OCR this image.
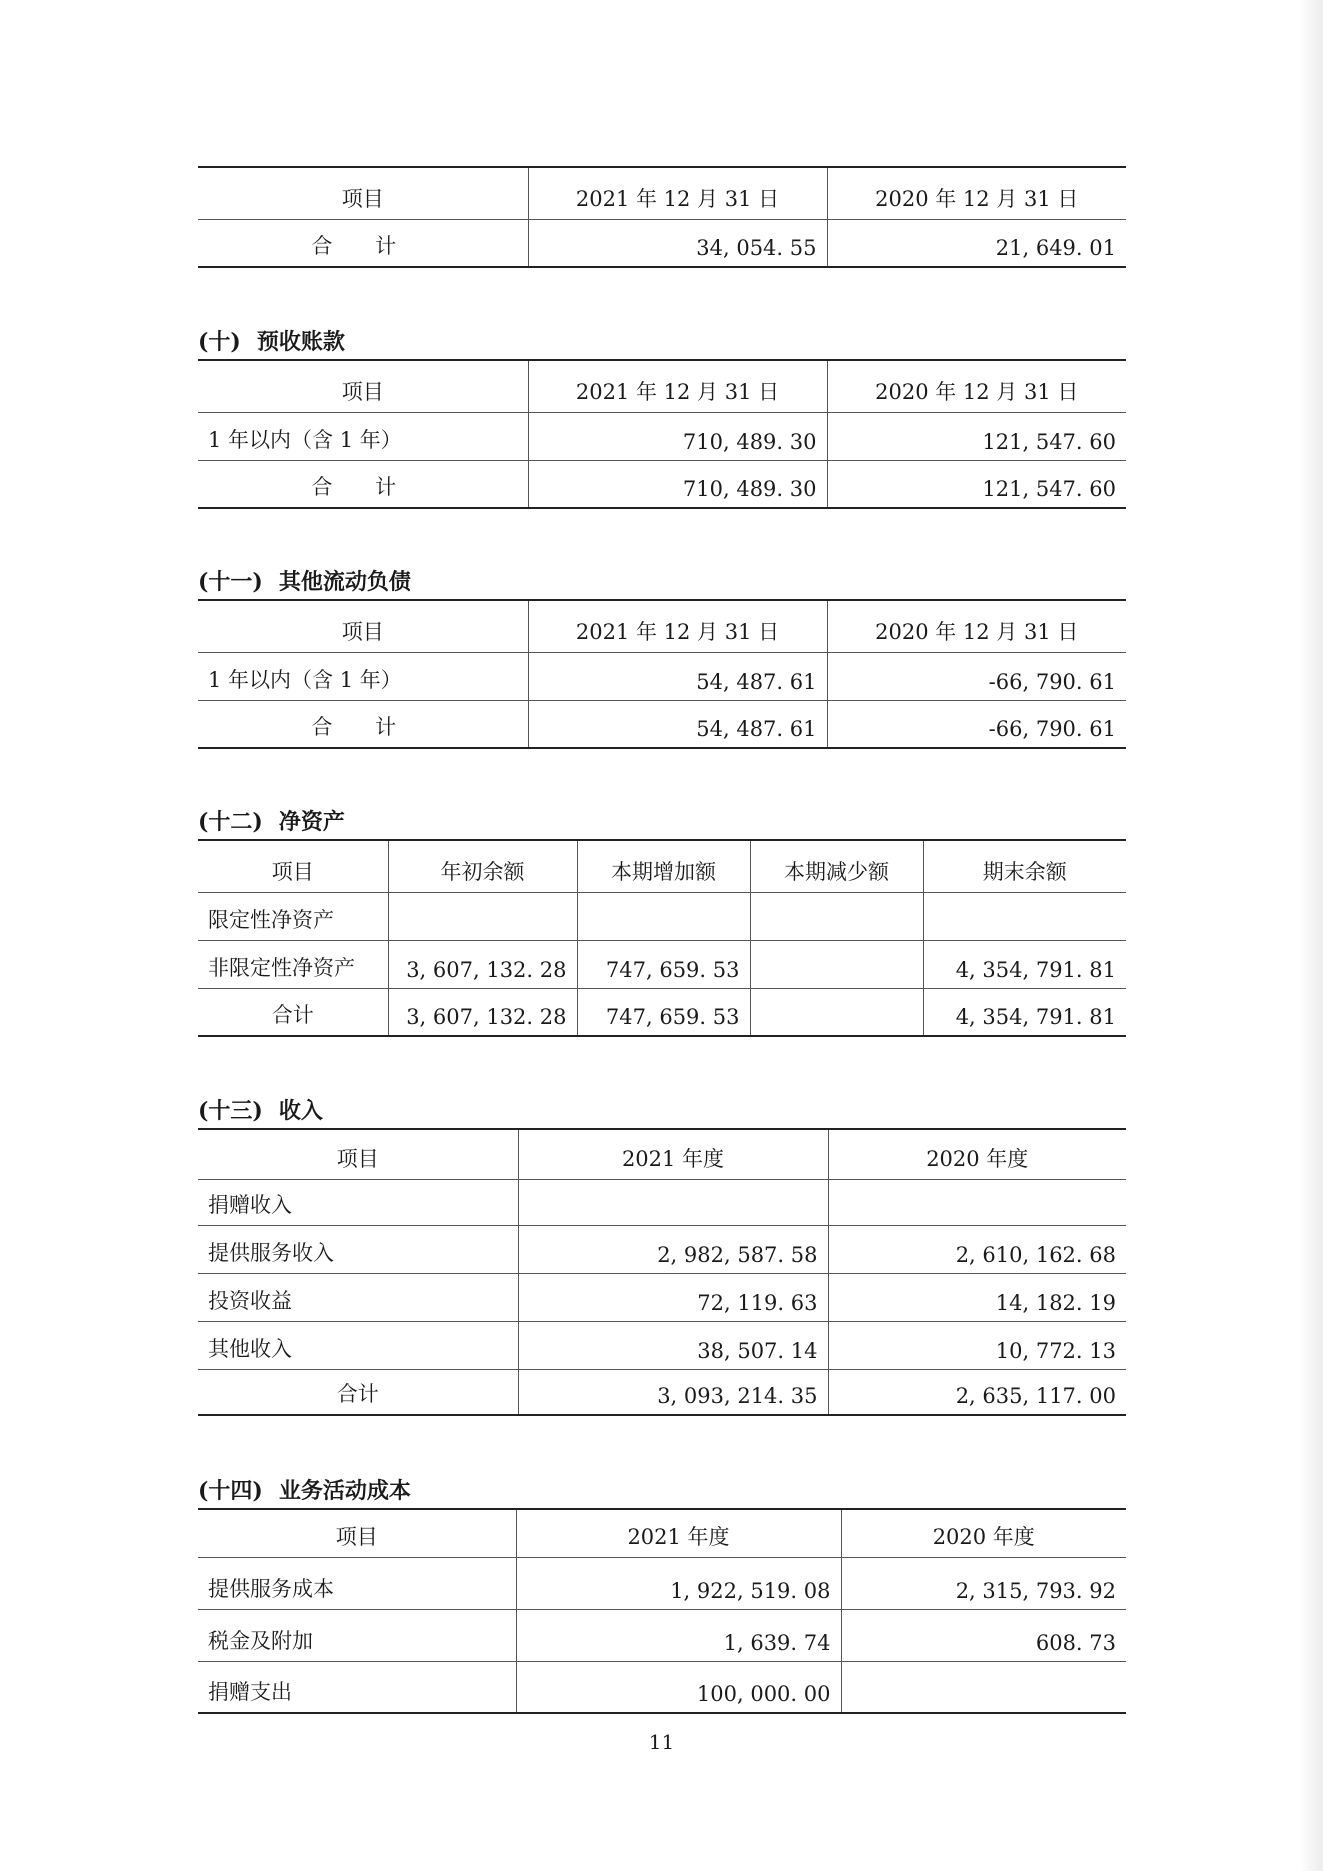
项目	2021 年 12 月 31 日	2020 年 12 月 31 日
合 计	34, 054. 55	21, 649. 01
(十) 预收账款
项目	2021 年 12 月 31 日	2020 年 12 月 31 日
1 年以内（含 1 年）	710, 489. 30	121, 547. 60
合 计	710, 489. 30	121, 547. 60
(十一) 其他流动负债
项目	2021 年 12 月 31 日	2020 年 12 月 31 日
1 年以内（含 1 年）	54, 487. 61	-66, 790. 61
合 计	54, 487. 61	-66, 790. 61
(十二) 净资产
项目	年初余额	本期增加额	本期减少额	期末余额
限定性净资产				
非限定性净资产	3, 607, 132. 28	747, 659. 53		4, 354, 791. 81
合计	3, 607, 132. 28	747, 659. 53		4, 354, 791. 81
(十三) 收入
项目	2021 年度	2020 年度
捐赠收入		
提供服务收入	2, 982, 587. 58	2, 610, 162. 68
投资收益	72, 119. 63	14, 182. 19
其他收入	38, 507. 14	10, 772. 13
合计	3, 093, 214. 35	2, 635, 117. 00
(十四) 业务活动成本
项目	2021 年度	2020 年度
提供服务成本	1, 922, 519. 08	2, 315, 793. 92
税金及附加	1, 639. 74	608. 73
捐赠支出	100, 000. 00	
11
